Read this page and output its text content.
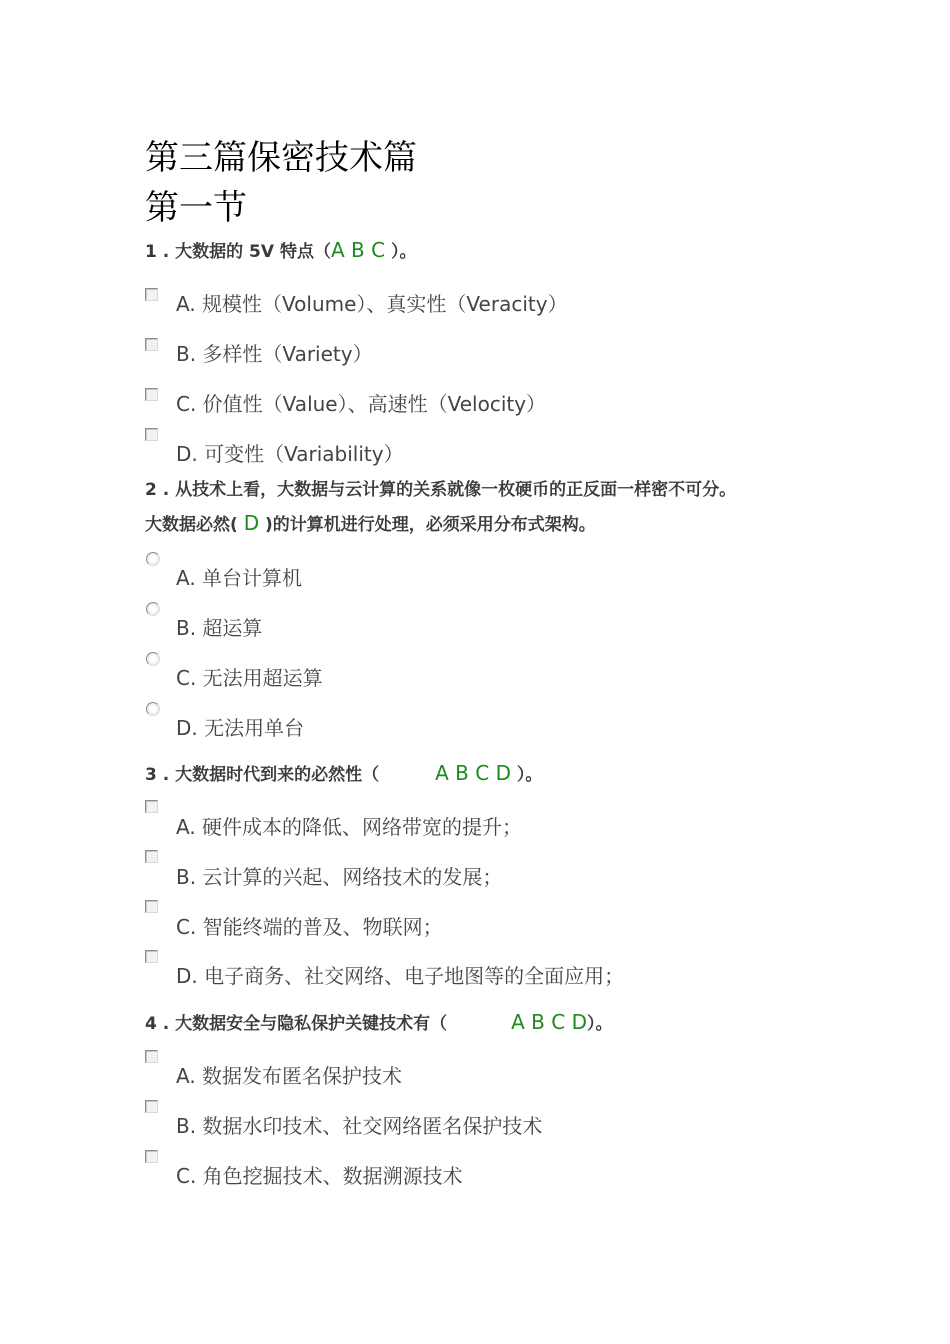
第三篇保密技术篇
第一节
1 . 大数据的 5V 特点（A B C ）。
A. 规模性（Volume）、真实性（Veracity）
B. 多样性（Variety）
C. 价值性（Value）、高速性（Velocity）
D. 可变性（Variability）
2 . 从技术上看，大数据与云计算的关系就像一枚硬币的正反面一样密不可分。
大数据必然( D )的计算机进行处理，必须采用分布式架构。
A. 单台计算机
B. 超运算
C. 无法用超运算
D. 无法用单台
3 . 大数据时代到来的必然性（	A B C D ）。
A. 硬件成本的降低、网络带宽的提升；
B. 云计算的兴起、网络技术的发展；
C. 智能终端的普及、物联网；
D. 电子商务、社交网络、电子地图等的全面应用；
4 . 大数据安全与隐私保护关键技术有（	A B C D）。
A. 数据发布匿名保护技术
B. 数据水印技术、社交网络匿名保护技术
C. 角色挖掘技术、数据溯源技术
